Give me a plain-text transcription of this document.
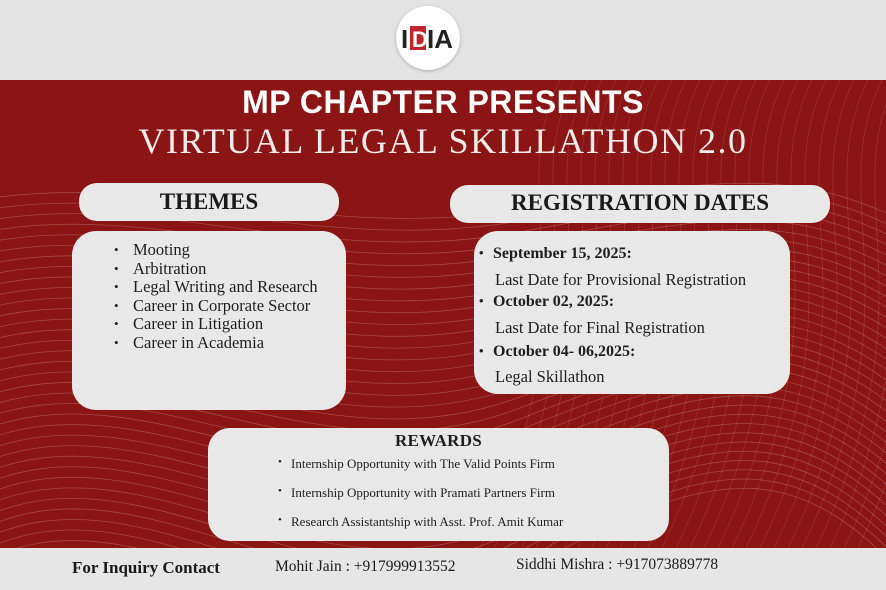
I D IA
MP CHAPTER PRESENTS
VIRTUAL LEGAL SKILLATHON 2.0
THEMES	REGISTRATION DATES
• Mooting
• Arbitration
• Legal Writing and Research
• Career in Corporate Sector
• Career in Litigation
• Career in Academia
• September 15, 2025:
Last Date for Provisional Registration
• October 02, 2025:
Last Date for Final Registration
• October 04- 06,2025:
Legal Skillathon
REWARDS
• Internship Opportunity with The Valid Points Firm
• Internship Opportunity with Pramati Partners Firm
• Research Assistantship with Asst. Prof. Amit Kumar
For Inquiry Contact	Mohit Jain : +917999913552	Siddhi Mishra : +917073889778
